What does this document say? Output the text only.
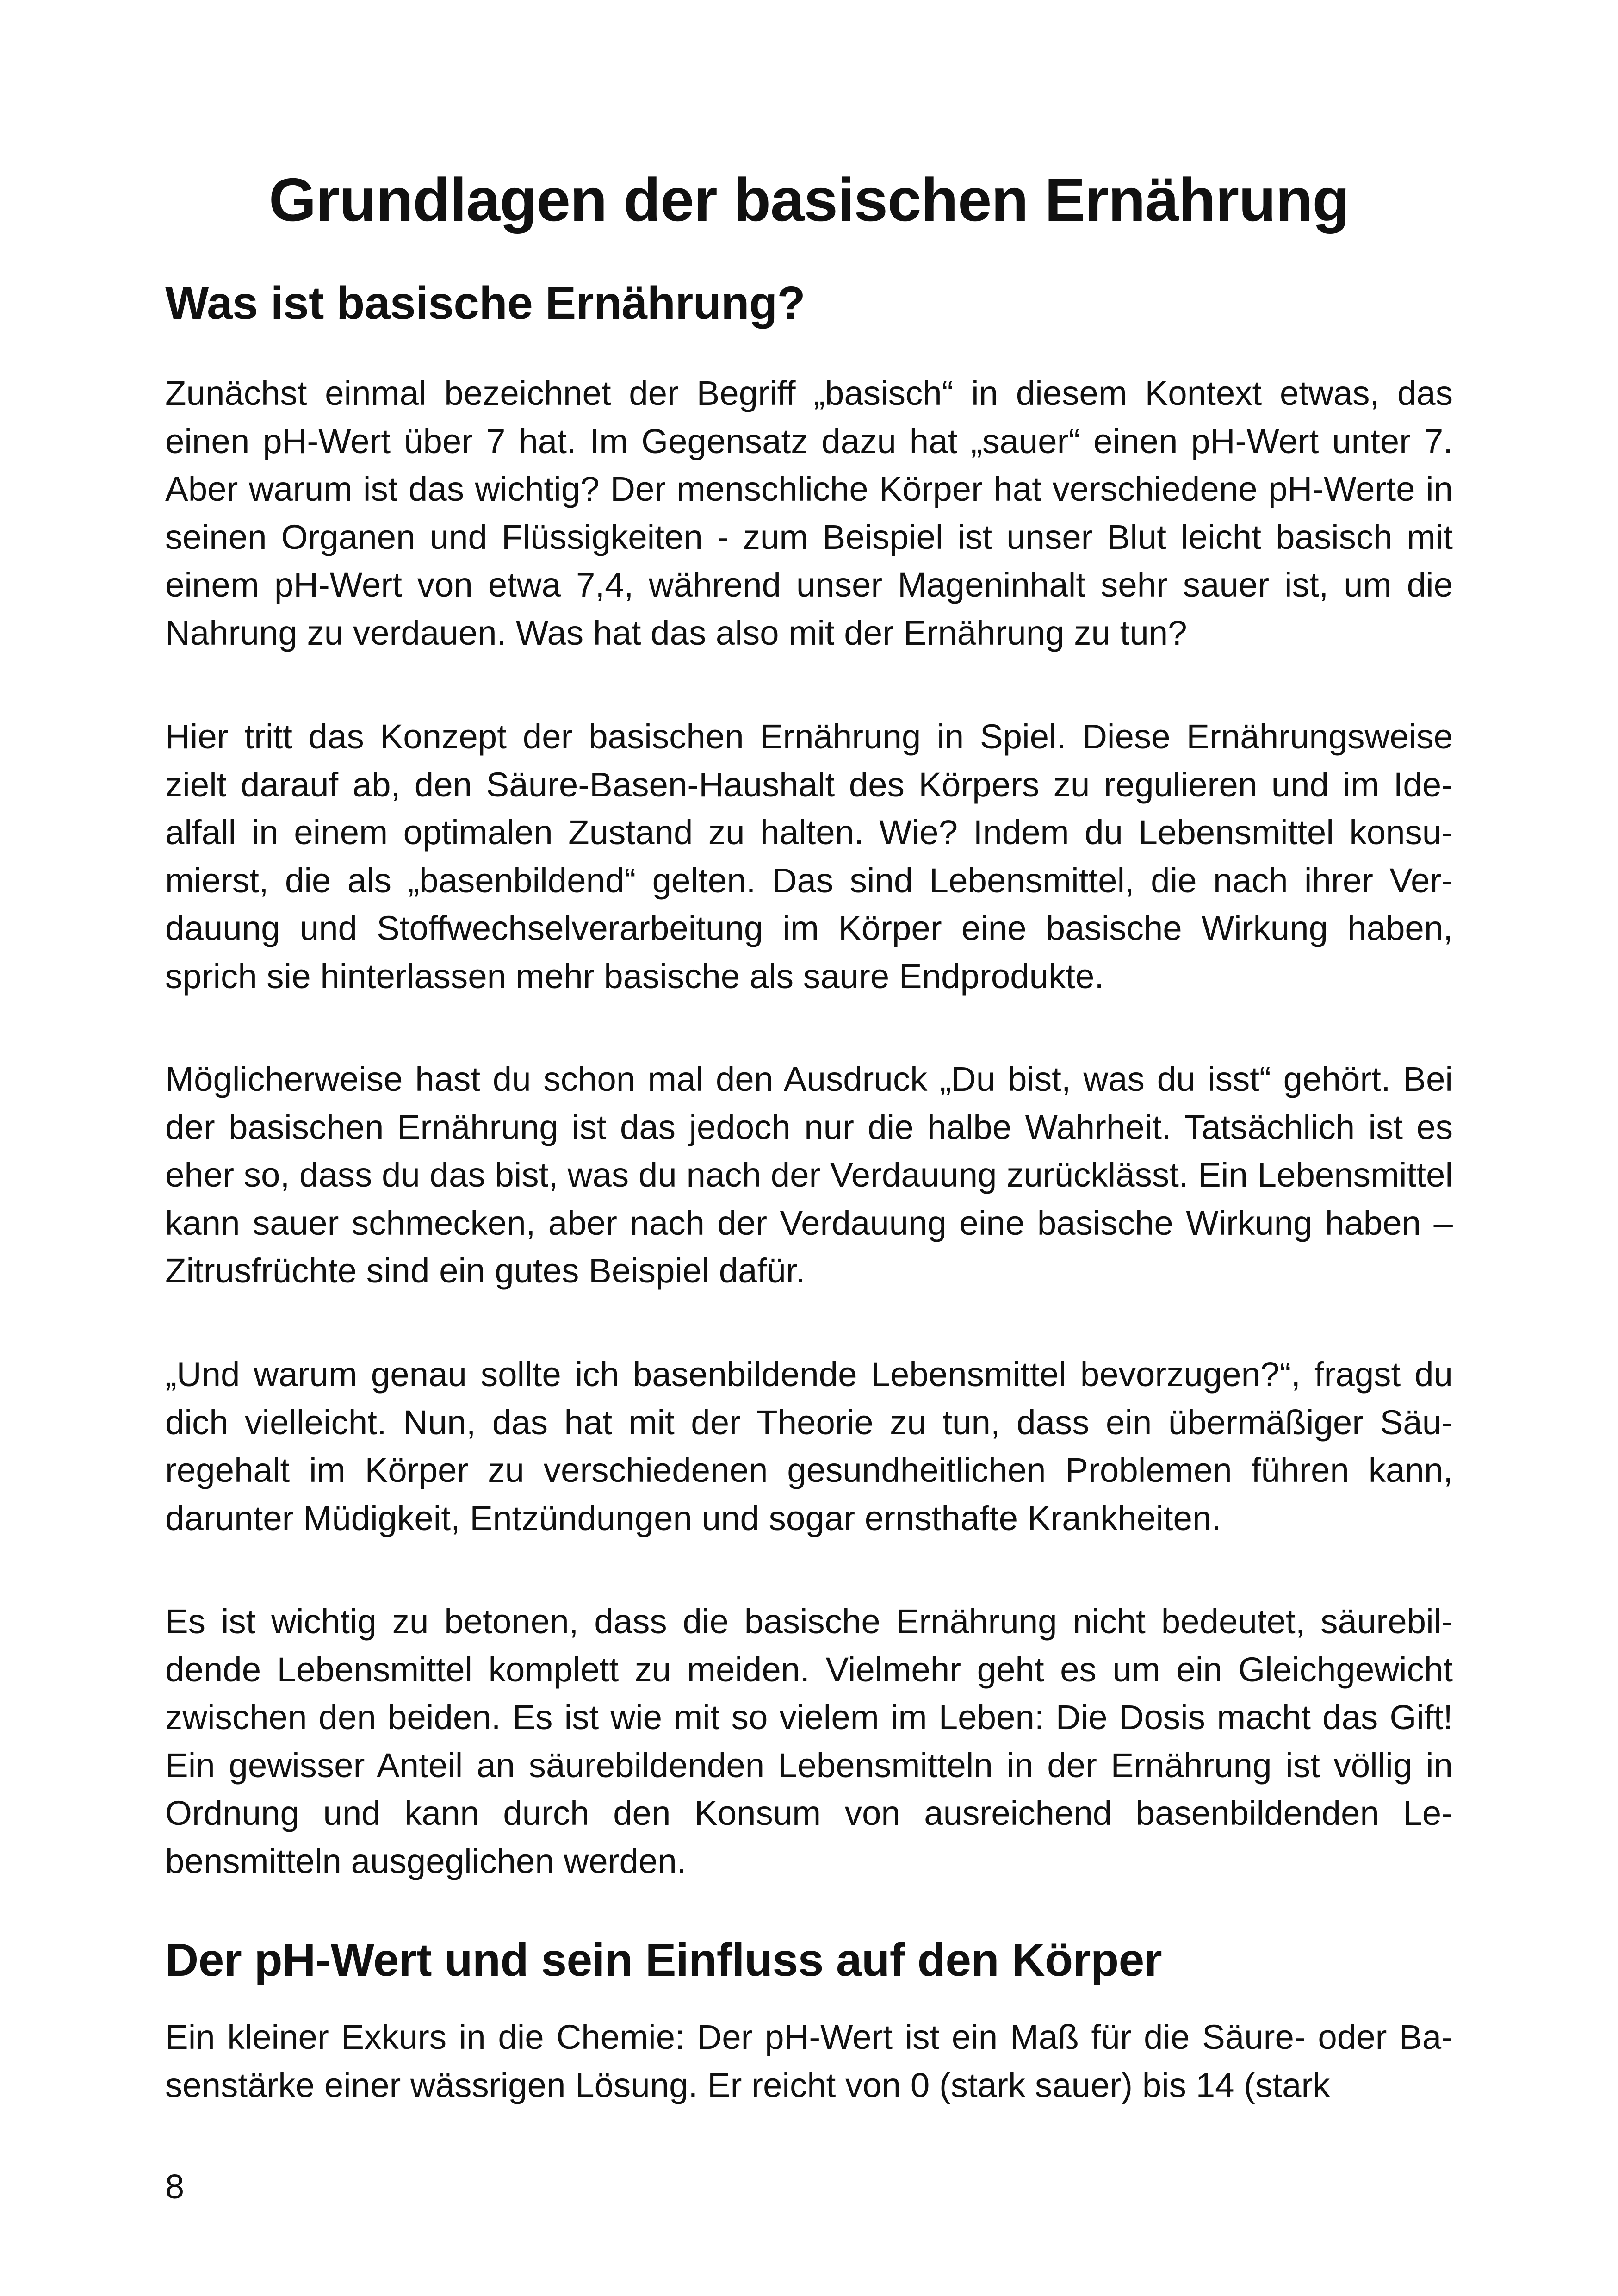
Grundlagen der basischen Ernährung
Was ist basische Ernährung?

Zunächst einmal bezeichnet der Begriff „basisch“ in diesem Kontext etwas, das einen pH-Wert über 7 hat. Im Gegensatz dazu hat „sauer“ einen pH-Wert unter 7. Aber warum ist das wichtig? Der menschliche Körper hat verschiedene pH-Werte in seinen Organen und Flüssigkeiten - zum Beispiel ist unser Blut leicht basisch mit einem pH-Wert von etwa 7,4, während unser Mageninhalt sehr sauer ist, um die Nahrung zu verdauen. Was hat das also mit der Ernährung zu tun?

Hier tritt das Konzept der basischen Ernährung in Spiel. Diese Ernährungsweise zielt darauf ab, den Säure-Basen-Haushalt des Körpers zu regulieren und im Idealfall in einem optimalen Zustand zu halten. Wie? Indem du Lebensmittel konsumierst, die als „basenbildend“ gelten. Das sind Lebensmittel, die nach ihrer Verdauung und Stoffwechselverarbeitung im Körper eine basische Wirkung haben, sprich sie hinterlassen mehr basische als saure Endprodukte.

Möglicherweise hast du schon mal den Ausdruck „Du bist, was du isst“ gehört. Bei der basischen Ernährung ist das jedoch nur die halbe Wahrheit. Tatsächlich ist es eher so, dass du das bist, was du nach der Verdauung zurücklässt. Ein Lebensmittel kann sauer schmecken, aber nach der Verdauung eine basische Wirkung haben – Zitrusfrüchte sind ein gutes Beispiel dafür.

„Und warum genau sollte ich basenbildende Lebensmittel bevorzugen?“, fragst du dich vielleicht. Nun, das hat mit der Theorie zu tun, dass ein übermäßiger Säuregehalt im Körper zu verschiedenen gesundheitlichen Problemen führen kann, darunter Müdigkeit, Entzündungen und sogar ernsthafte Krankheiten.

Es ist wichtig zu betonen, dass die basische Ernährung nicht bedeutet, säurebildende Lebensmittel komplett zu meiden. Vielmehr geht es um ein Gleichgewicht zwischen den beiden. Es ist wie mit so vielem im Leben: Die Dosis macht das Gift! Ein gewisser Anteil an säurebildenden Lebensmitteln in der Ernährung ist völlig in Ordnung und kann durch den Konsum von ausreichend basenbildenden Lebensmitteln ausgeglichen werden.

Der pH-Wert und sein Einfluss auf den Körper

Ein kleiner Exkurs in die Chemie: Der pH-Wert ist ein Maß für die Säure- oder Basenstärke einer wässrigen Lösung. Er reicht von 0 (stark sauer) bis 14 (stark

8
